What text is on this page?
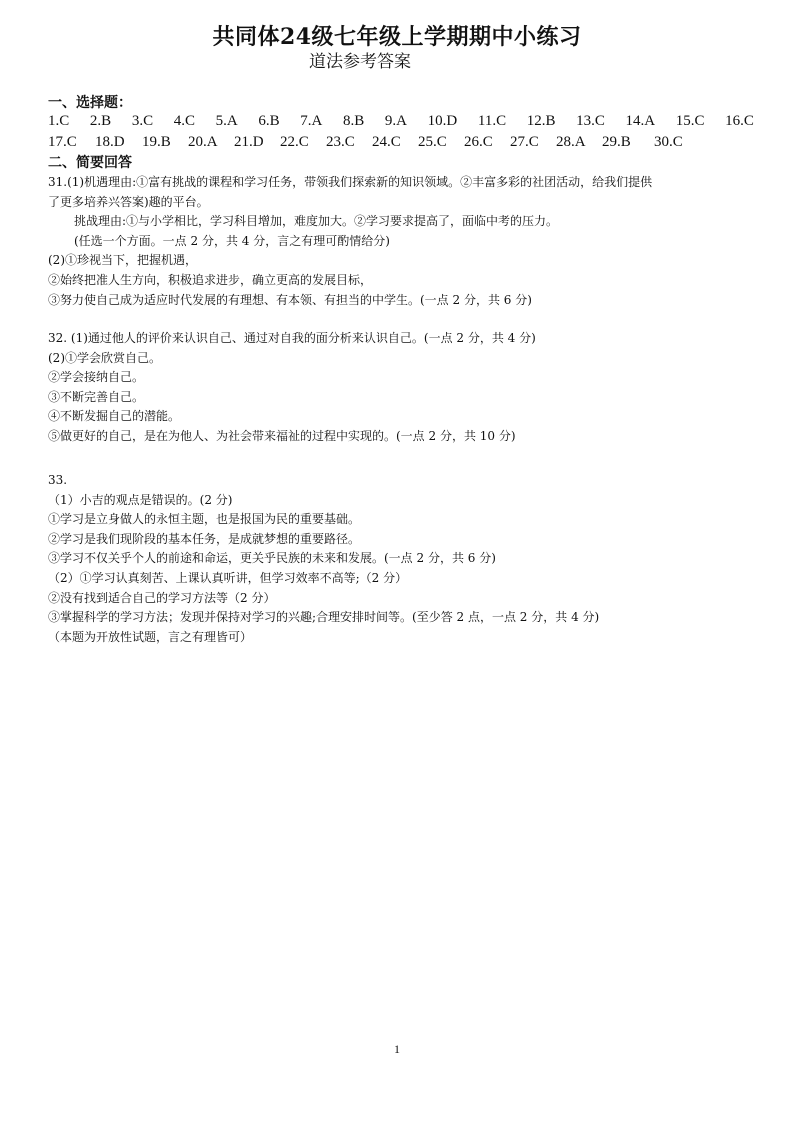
共同体24级七年级上学期期中小练习
道法参考答案
一、选择题：
1.C 2.B 3.C 4.C 5.A 6.B 7.A 8.B 9.A 10.D 11.C 12.B 13.C 14.A 15.C 16.C
17.C	18.D	19.B	20.A	21.D	22.C	23.C	24.C	25.C	26.C	27.C	28.A	29.B	30.C
二、简要回答
31.(1)机遇理由:①富有挑战的课程和学习任务，带领我们探索新的知识领域。②丰富多彩的社团活动，给我们提供
了更多培养兴答案)趣的平台。
挑战理由:①与小学相比，学习科目增加，难度加大。②学习要求提高了，面临中考的压力。
(任选一个方面。一点 2 分，共 4 分，言之有理可酌情给分)
(2)①珍视当下，把握机遇，
②始终把准人生方向，积极追求进步，确立更高的发展目标，
③努力使自己成为适应时代发展的有理想、有本领、有担当的中学生。(一点 2 分，共 6 分)
32. (1)通过他人的评价来认识自己、通过对自我的面分析来认识自己。(一点 2 分，共 4 分)
(2)①学会欣赏自己。
②学会接纳自己。
③不断完善自己。
④不断发掘自己的潜能。
⑤做更好的自己，是在为他人、为社会带来福祉的过程中实现的。(一点 2 分，共 10 分)
33.
（1）小吉的观点是错误的。(2 分)
①学习是立身做人的永恒主题，也是报国为民的重要基础。
②学习是我们现阶段的基本任务，是成就梦想的重要路径。
③学习不仅关乎个人的前途和命运，更关乎民族的未来和发展。(一点 2 分，共 6 分)
（2）①学习认真刻苦、上课认真听讲，但学习效率不高等;（2 分）
②没有找到适合自己的学习方法等（2 分）
③掌握科学的学习方法；发现并保持对学习的兴趣;合理安排时间等。(至少答 2 点，一点 2 分，共 4 分)
（本题为开放性试题，言之有理皆可）
1
